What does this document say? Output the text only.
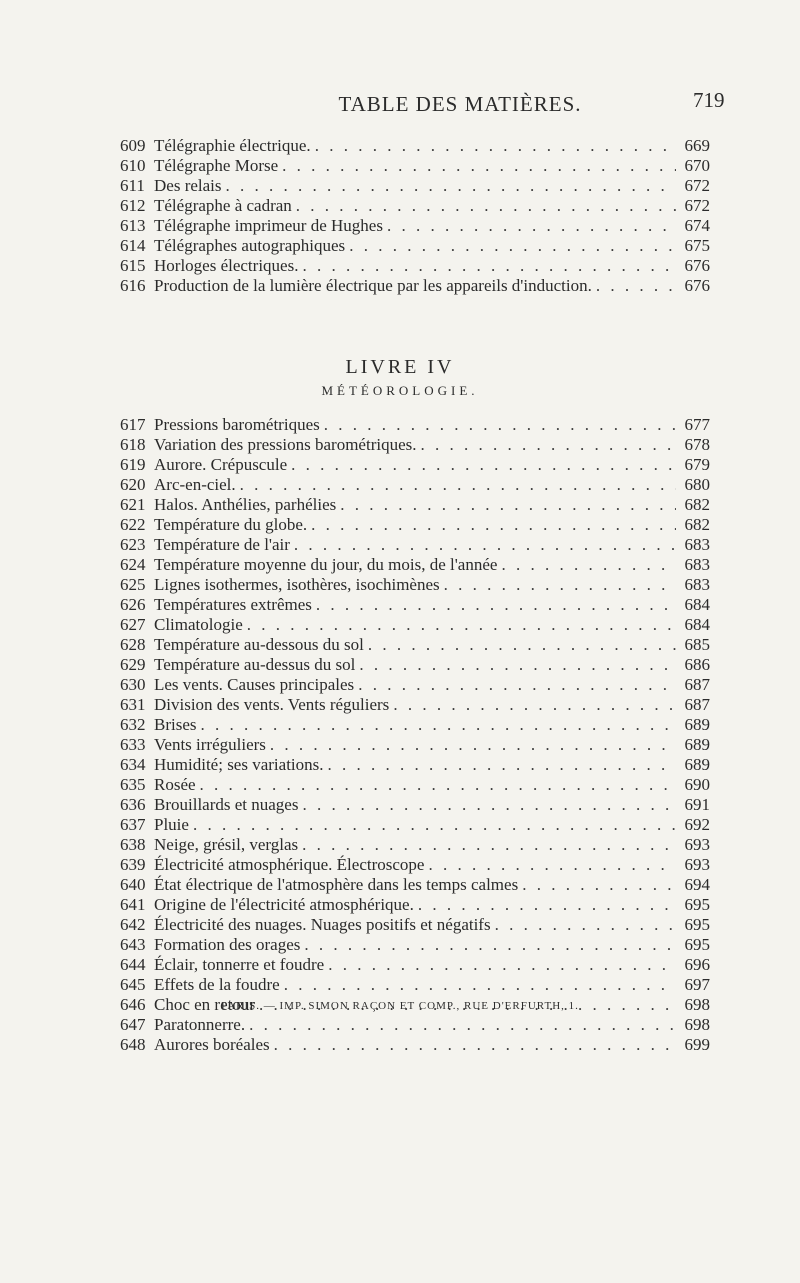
TABLE DES MATIÈRES.	719
609 Télégraphie électrique. . . .	669
610 Télégraphe Morse . . .	670
611 Des relais . . .	672
612 Télégraphe à cadran . . .	672
613 Télégraphe imprimeur de Hughes . . .	674
614 Télégraphes autographiques . . .	675
615 Horloges électriques. . . .	676
616 Production de la lumière électrique par les appareils d'induction. . . .	676
LIVRE IV
MÉTÉOROLOGIE.
617 Pressions barométriques . . .	677
618 Variation des pressions barométriques. . . .	678
619 Aurore. Crépuscule . . .	679
620 Arc-en-ciel. . . .	680
621 Halos. Anthélies, parhélies . . .	682
622 Température du globe. . . .	682
623 Température de l'air . . .	683
624 Température moyenne du jour, du mois, de l'année . . .	683
625 Lignes isothermes, isothères, isochimènes . . .	683
626 Températures extrêmes . . .	684
627 Climatologie . . .	684
628 Température au-dessous du sol . . .	685
629 Température au-dessus du sol . . .	686
630 Les vents. Causes principales . . .	687
631 Division des vents. Vents réguliers . . .	687
632 Brises . . .	689
633 Vents irréguliers . . .	689
634 Humidité; ses variations. . . .	689
635 Rosée . . .	690
636 Brouillards et nuages . . .	691
637 Pluie . . .	692
638 Neige, grésil, verglas . . .	693
639 Électricité atmosphérique. Électroscope . . .	693
640 État électrique de l'atmosphère dans les temps calmes . . .	694
641 Origine de l'électricité atmosphérique. . . .	695
642 Électricité des nuages. Nuages positifs et négatifs . . .	695
643 Formation des orages . . .	695
644 Éclair, tonnerre et foudre . . .	696
645 Effets de la foudre . . .	697
646 Choc en retour . . .	698
647 Paratonnerre. . . .	698
648 Aurores boréales . . .	699
PARIS. — IMP. SIMON RAÇON ET COMP., RUE D'ERFURTH, 1.
